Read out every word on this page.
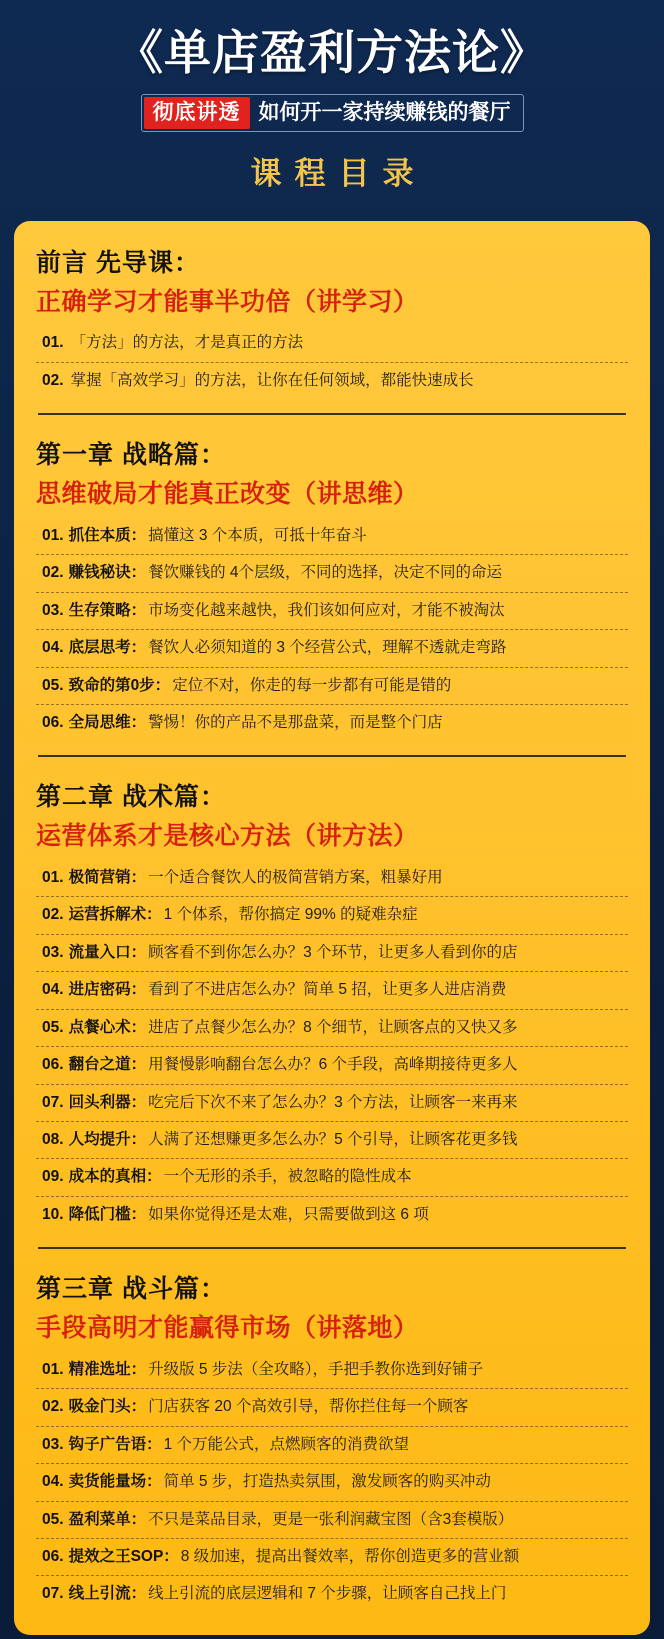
《单店盈利方法论》
彻底讲透 如何开一家持续赚钱的餐厅
课程目录
前言 先导课：
正确学习才能事半功倍（讲学习）
01. 「方法」的方法，才是真正的方法
02. 掌握「高效学习」的方法，让你在任何领域，都能快速成长
第一章 战略篇：
思维破局才能真正改变（讲思维）
01. 抓住本质： 搞懂这 3 个本质，可抵十年奋斗
02. 赚钱秘诀： 餐饮赚钱的 4个层级，不同的选择，决定不同的命运
03. 生存策略： 市场变化越来越快，我们该如何应对，才能不被淘汰
04. 底层思考： 餐饮人必须知道的 3 个经营公式，理解不透就走弯路
05. 致命的第0步： 定位不对，你走的每一步都有可能是错的
06. 全局思维： 警惕！你的产品不是那盘菜，而是整个门店
第二章 战术篇：
运营体系才是核心方法（讲方法）
01. 极简营销： 一个适合餐饮人的极简营销方案，粗暴好用
02. 运营拆解术： 1 个体系，帮你搞定 99% 的疑难杂症
03. 流量入口： 顾客看不到你怎么办？3 个环节，让更多人看到你的店
04. 进店密码： 看到了不进店怎么办？简单 5 招，让更多人进店消费
05. 点餐心术： 进店了点餐少怎么办？8 个细节，让顾客点的又快又多
06. 翻台之道： 用餐慢影响翻台怎么办？6 个手段，高峰期接待更多人
07. 回头利器： 吃完后下次不来了怎么办？3 个方法，让顾客一来再来
08. 人均提升： 人满了还想赚更多怎么办？5 个引导，让顾客花更多钱
09. 成本的真相： 一个无形的杀手，被忽略的隐性成本
10. 降低门槛： 如果你觉得还是太难，只需要做到这 6 项
第三章 战斗篇：
手段高明才能赢得市场（讲落地）
01. 精准选址： 升级版 5 步法（全攻略），手把手教你选到好铺子
02. 吸金门头： 门店获客 20 个高效引导，帮你拦住每一个顾客
03. 钩子广告语： 1 个万能公式，点燃顾客的消费欲望
04. 卖货能量场： 简单 5 步，打造热卖氛围，激发顾客的购买冲动
05. 盈利菜单： 不只是菜品目录，更是一张利润藏宝图（含3套模版）
06. 提效之王SOP： 8 级加速，提高出餐效率，帮你创造更多的营业额
07. 线上引流： 线上引流的底层逻辑和 7 个步骤，让顾客自己找上门
